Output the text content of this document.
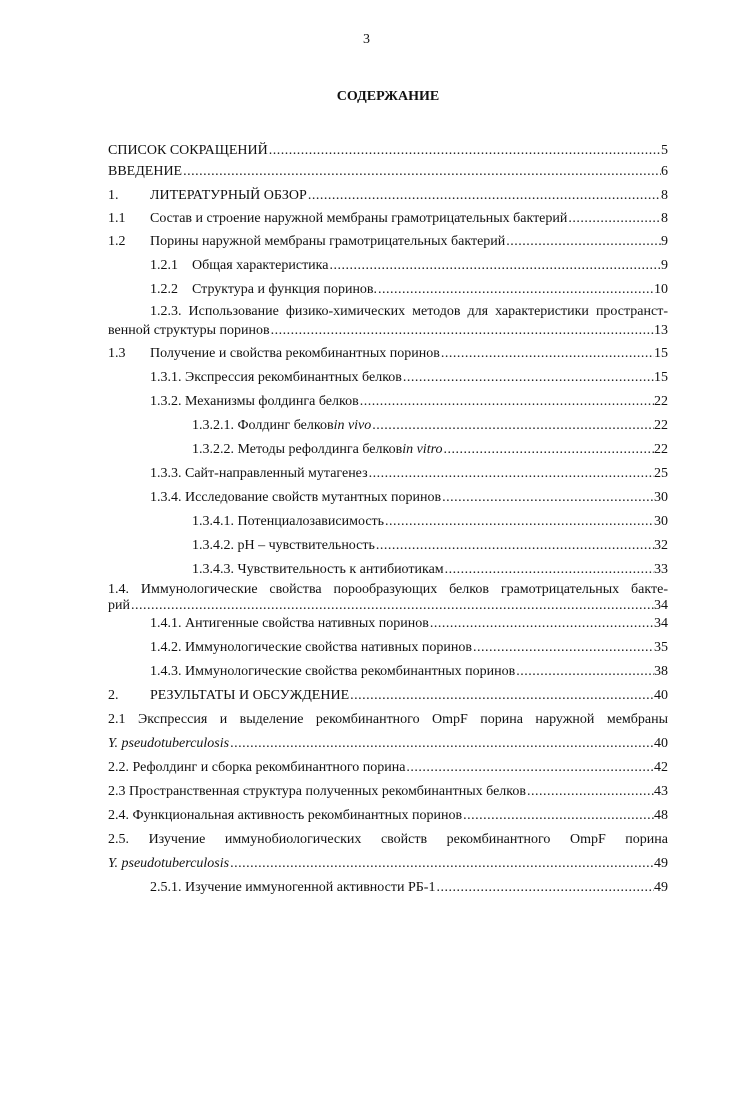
3
СОДЕРЖАНИЕ
СПИСОК СОКРАЩЕНИЙ .....	5
ВВЕДЕНИЕ .....	6
1.	ЛИТЕРАТУРНЫЙ ОБЗОР .....	8
1.1	Состав и строение наружной мембраны грамотрицательных бактерий .....	8
1.2	Порины наружной мембраны грамотрицательных бактерий .....	9
1.2.1	Общая характеристика .....	9
1.2.2	Структура и функция поринов. .....	10
1.2.3. Использование физико-химических методов для характеристики пространст-
венной структуры поринов .....	13
1.3	Получение и свойства рекомбинантных поринов .....	15
1.3.1. Экспрессия рекомбинантных белков .....	15
1.3.2. Механизмы фолдинга белков .....	22
1.3.2.1. Фолдинг белков in vivo .....	22
1.3.2.2. Методы рефолдинга белков in vitro .....	22
1.3.3. Сайт-направленный мутагенез .....	25
1.3.4. Исследование свойств мутантных поринов .....	30
1.3.4.1. Потенциалозависимость .....	30
1.3.4.2. pH – чувствительность .....	32
1.3.4.3. Чувствительность к антибиотикам .....	33
1.4. Иммунологические свойства порообразующих белков грамотрицательных бакте-
рий .....	34
1.4.1. Антигенные свойства нативных поринов .....	34
1.4.2. Иммунологические свойства нативных поринов .....	35
1.4.3. Иммунологические свойства рекомбинантных поринов .....	38
2.	РЕЗУЛЬТАТЫ И ОБСУЖДЕНИЕ .....	40
2.1 Экспрессия и выделение рекомбинантного OmpF порина наружной мембраны
Y. pseudotuberculosis .....	40
2.2. Рефолдинг и сборка рекомбинантного порина .....	42
2.3 Пространственная структура полученных рекомбинантных белков .....	43
2.4. Функциональная активность рекомбинантных поринов .....	48
2.5. Изучение иммунобиологических свойств рекомбинантного OmpF порина
Y. pseudotuberculosis .....	49
2.5.1. Изучение иммуногенной активности РБ-1 .....	49
